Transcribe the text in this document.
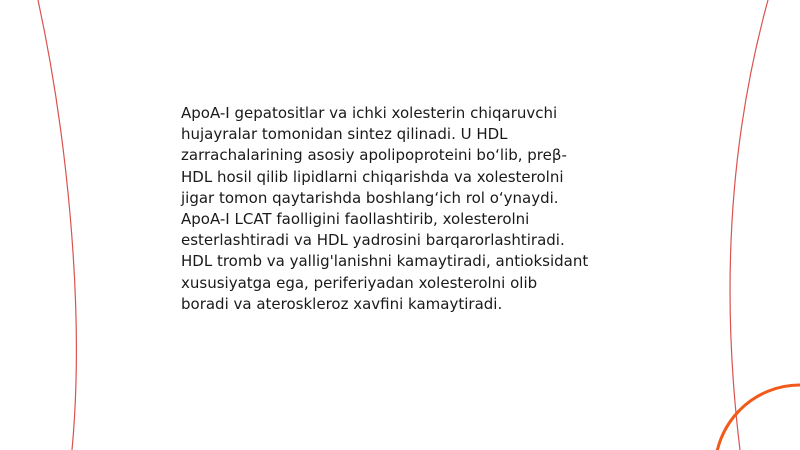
ApoA-I gepatositlar va ichki xolesterin chiqaruvchi
hujayralar tomonidan sintez qilinadi. U HDL
zarrachalarining asosiy apolipoproteini bo‘lib, preβ-
HDL hosil qilib lipidlarni chiqarishda va xolesterolni
jigar tomon qaytarishda boshlang‘ich rol o‘ynaydi.
ApoA-I LCAT faolligini faollashtirib, xolesterolni
esterlashtiradi va HDL yadrosini barqarorlashtiradi.
HDL tromb va yallig'lanishni kamaytiradi, antioksidant
xususiyatga ega, periferiyadan xolesterolni olib
boradi va ateroskleroz xavfini kamaytiradi.
